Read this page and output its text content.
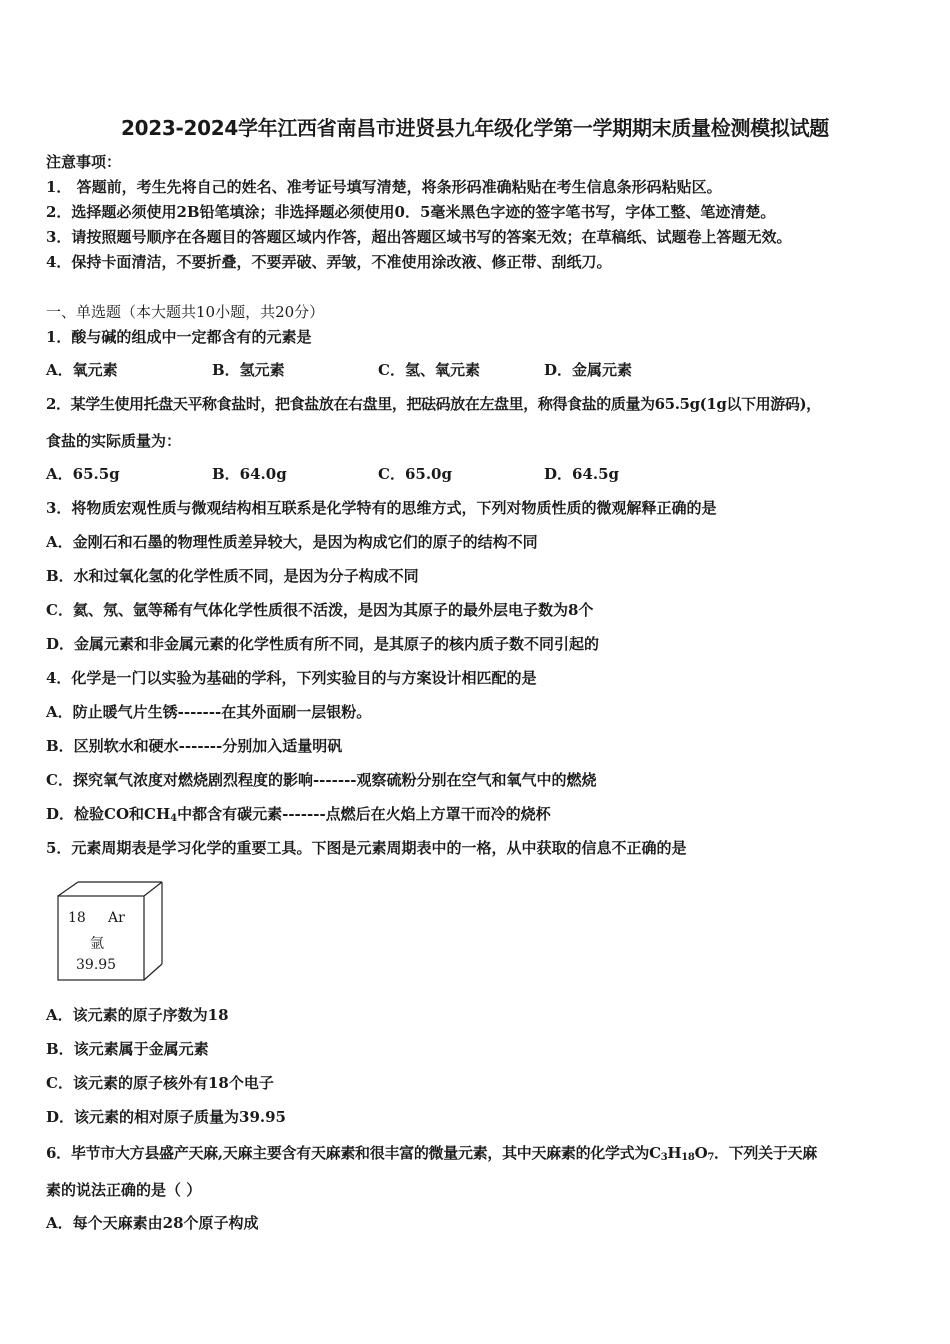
2023-2024学年江西省南昌市进贤县九年级化学第一学期期末质量检测模拟试题
注意事项：
1． 答题前，考生先将自己的姓名、准考证号填写清楚，将条形码准确粘贴在考生信息条形码粘贴区。
2．选择题必须使用2B铅笔填涂；非选择题必须使用0．5毫米黑色字迹的签字笔书写，字体工整、笔迹清楚。
3．请按照题号顺序在各题目的答题区域内作答，超出答题区域书写的答案无效；在草稿纸、试题卷上答题无效。
4．保持卡面清洁，不要折叠，不要弄破、弄皱，不准使用涂改液、修正带、刮纸刀。
一、单选题（本大题共10小题，共20分）
1．酸与碱的组成中一定都含有的元素是
A．氧元素	B．氢元素	C．氢、氧元素	D．金属元素
2．某学生使用托盘天平称食盐时，把食盐放在右盘里，把砝码放在左盘里，称得食盐的质量为65.5g(1g以下用游码)，
食盐的实际质量为：
A．65.5g	B．64.0g	C．65.0g	D．64.5g
3．将物质宏观性质与微观结构相互联系是化学特有的思维方式，下列对物质性质的微观解释正确的是
A．金刚石和石墨的物理性质差异较大，是因为构成它们的原子的结构不同
B．水和过氧化氢的化学性质不同，是因为分子构成不同
C．氦、氖、氩等稀有气体化学性质很不活泼，是因为其原子的最外层电子数为8个
D．金属元素和非金属元素的化学性质有所不同，是其原子的核内质子数不同引起的
4．化学是一门以实验为基础的学科，下列实验目的与方案设计相匹配的是
A．防止暖气片生锈-------在其外面刷一层银粉。
B．区别软水和硬水-------分别加入适量明矾
C．探究氧气浓度对燃烧剧烈程度的影响-------观察硫粉分别在空气和氧气中的燃烧
D．检验CO和$CH_4$中都含有碳元素-------点燃后在火焰上方罩干而冷的烧杯
5．元素周期表是学习化学的重要工具。下图是元素周期表中的一格，从中获取的信息不正确的是
18 Ar
氩
39.95
A．该元素的原子序数为18
B．该元素属于金属元素
C．该元素的原子核外有18个电子
D．该元素的相对原子质量为39.95
6．毕节市大方县盛产天麻,天麻主要含有天麻素和很丰富的微量元素，其中天麻素的化学式为$C_3H_{18}O_7$．下列关于天麻
素的说法正确的是（ ）
A．每个天麻素由28个原子构成
